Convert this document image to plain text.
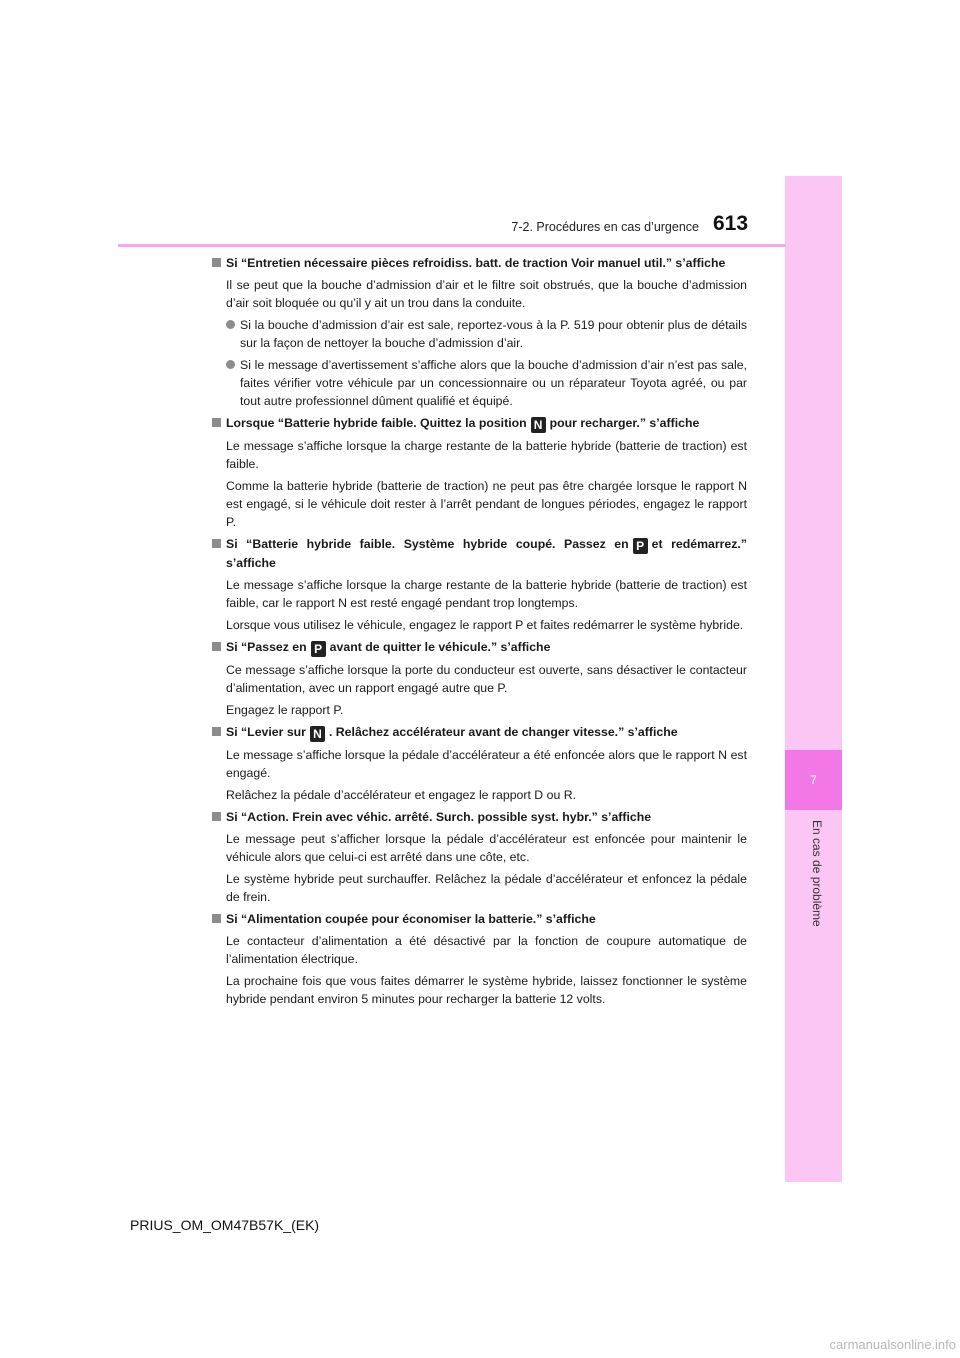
7
En cas de problème
7-2. Procédures en cas d’urgence 613

Si “Entretien nécessaire pièces refroidiss. batt. de traction Voir manuel util.” s’affiche

Il se peut que la bouche d’admission d’air et le filtre soit obstrués, que la bouche d’admission d’air soit bloquée ou qu’il y ait un trou dans la conduite.

Si la bouche d’admission d’air est sale, reportez-vous à la P. 519 pour obtenir plus de détails sur la façon de nettoyer la bouche d’admission d’air.

Si le message d’avertissement s’affiche alors que la bouche d’admission d’air n’est pas sale, faites vérifier votre véhicule par un concessionnaire ou un réparateur Toyota agréé, ou par tout autre professionnel dûment qualifié et équipé.

Lorsque “Batterie hybride faible. Quittez la position N pour recharger.” s’affiche

Le message s’affiche lorsque la charge restante de la batterie hybride (batterie de traction) est faible.

Comme la batterie hybride (batterie de traction) ne peut pas être chargée lorsque le rapport N est engagé, si le véhicule doit rester à l’arrêt pendant de longues périodes, engagez le rapport P.

Si “Batterie hybride faible. Système hybride coupé. Passez en P et redémarrez.” s’affiche

Le message s’affiche lorsque la charge restante de la batterie hybride (batterie de traction) est faible, car le rapport N est resté engagé pendant trop longtemps.

Lorsque vous utilisez le véhicule, engagez le rapport P et faites redémarrer le système hybride.

Si “Passez en P avant de quitter le véhicule.” s’affiche

Ce message s’affiche lorsque la porte du conducteur est ouverte, sans désactiver le contacteur d’alimentation, avec un rapport engagé autre que P.

Engagez le rapport P.

Si “Levier sur N . Relâchez accélérateur avant de changer vitesse.” s’affiche

Le message s’affiche lorsque la pédale d’accélérateur a été enfoncée alors que le rapport N est engagé.

Relâchez la pédale d’accélérateur et engagez le rapport D ou R.

Si “Action. Frein avec véhic. arrêté. Surch. possible syst. hybr.” s’affiche

Le message peut s’afficher lorsque la pédale d’accélérateur est enfoncée pour maintenir le véhicule alors que celui-ci est arrêté dans une côte, etc.

Le système hybride peut surchauffer. Relâchez la pédale d’accélérateur et enfoncez la pédale de frein.

Si “Alimentation coupée pour économiser la batterie.” s’affiche

Le contacteur d’alimentation a été désactivé par la fonction de coupure automatique de l’alimentation électrique.

La prochaine fois que vous faites démarrer le système hybride, laissez fonctionner le système hybride pendant environ 5 minutes pour recharger la batterie 12 volts.

PRIUS_OM_OM47B57K_(EK)
carmanualsonline.info
